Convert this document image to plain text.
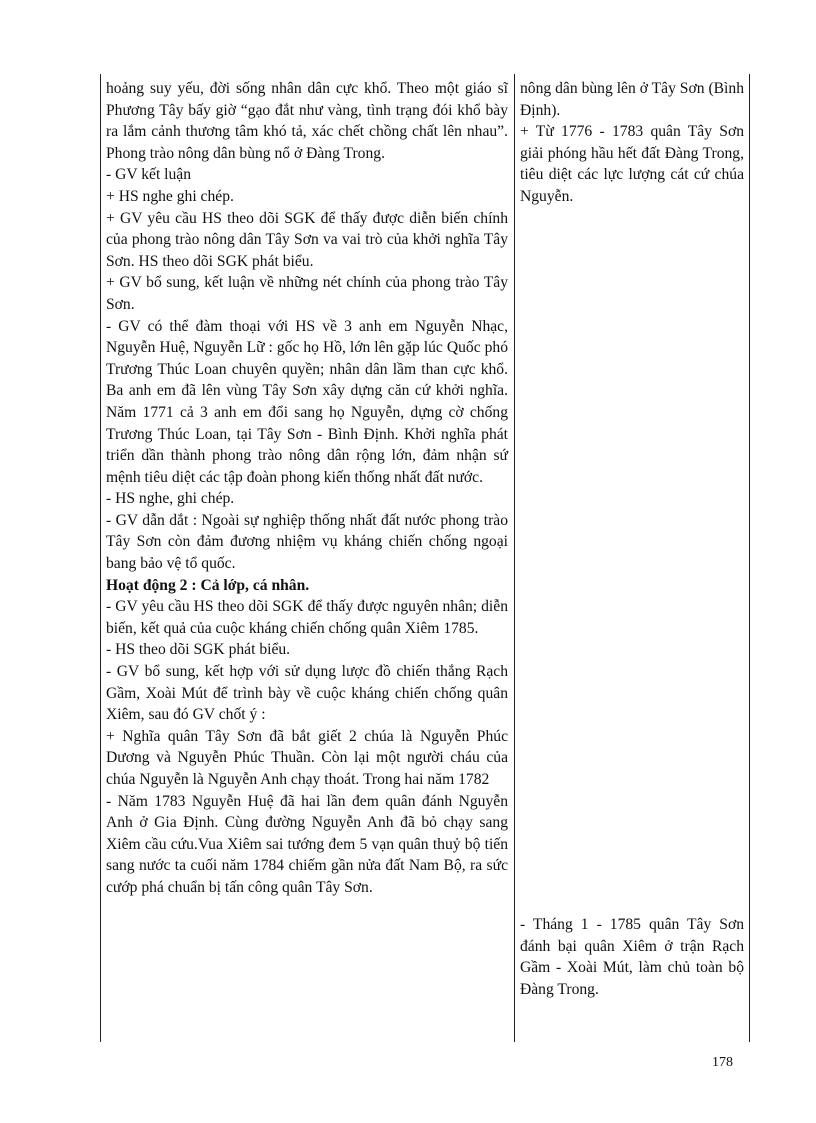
hoảng suy yếu, đời sống nhân dân cực khổ. Theo một giáo sĩ Phương Tây bấy giờ “gạo đắt như vàng, tình trạng đói khổ bày ra lắm cảnh thương tâm khó tả, xác chết chồng chất lên nhau”. Phong trào nông dân bùng nổ ở Đàng Trong.

- GV kết luận

+ HS nghe ghi chép.

+ GV yêu cầu HS theo dõi SGK để thấy được diễn biến chính của phong trào nông dân Tây Sơn va vai trò của khởi nghĩa Tây Sơn. HS theo dõi SGK phát biểu.

+ GV bổ sung, kết luận về những nét chính của phong trào Tây Sơn.

- GV có thể đàm thoại với HS về 3 anh em Nguyễn Nhạc, Nguyễn Huệ, Nguyễn Lữ : gốc họ Hồ, lớn lên gặp lúc Quốc phó Trương Thúc Loan chuyên quyền; nhân dân lầm than cực khổ. Ba anh em đã lên vùng Tây Sơn xây dựng căn cứ khởi nghĩa. Năm 1771 cả 3 anh em đổi sang họ Nguyễn, dựng cờ chống Trương Thúc Loan, tại Tây Sơn - Bình Định. Khởi nghĩa phát triển dần thành phong trào nông dân rộng lớn, đảm nhận sứ mệnh tiêu diệt các tập đoàn phong kiến thống nhất đất nước.

- HS nghe, ghi chép.

- GV dẫn dắt : Ngoài sự nghiệp thống nhất đất nước phong trào Tây Sơn còn đảm đương nhiệm vụ kháng chiến chống ngoại bang bảo vệ tổ quốc.

Hoạt động 2 : Cả lớp, cá nhân.

- GV yêu cầu HS theo dõi SGK để thấy được nguyên nhân; diễn biến, kết quả của cuộc kháng chiến chống quân Xiêm 1785.

- HS theo dõi SGK phát biểu.

- GV bổ sung, kết hợp với sử dụng lược đồ chiến thắng Rạch Gầm, Xoài Mút để trình bày về cuộc kháng chiến chống quân Xiêm, sau đó GV chốt ý :

+ Nghĩa quân Tây Sơn đã bắt giết 2 chúa là Nguyễn Phúc Dương và Nguyễn Phúc Thuần. Còn lại một người cháu của chúa Nguyễn là Nguyễn Anh chạy thoát. Trong hai năm 1782

- Năm 1783 Nguyễn Huệ đã hai lần đem quân đánh Nguyễn Anh ở Gia Định. Cùng đường Nguyễn Anh đã bỏ chạy sang Xiêm cầu cứu.Vua Xiêm sai tướng đem 5 vạn quân thuỷ bộ tiến sang nước ta cuối năm 1784 chiếm gần nửa đất Nam Bộ, ra sức cướp phá chuẩn bị tấn công quân Tây Sơn.

nông dân bùng lên ở Tây Sơn (Bình Định).

+ Từ 1776 - 1783 quân Tây Sơn giải phóng hầu hết đất Đàng Trong, tiêu diệt các lực lượng cát cứ chúa Nguyễn.

- Tháng 1 - 1785 quân Tây Sơn đánh bại quân Xiêm ở trận Rạch Gầm - Xoài Mút, làm chủ toàn bộ Đàng Trong.

178
